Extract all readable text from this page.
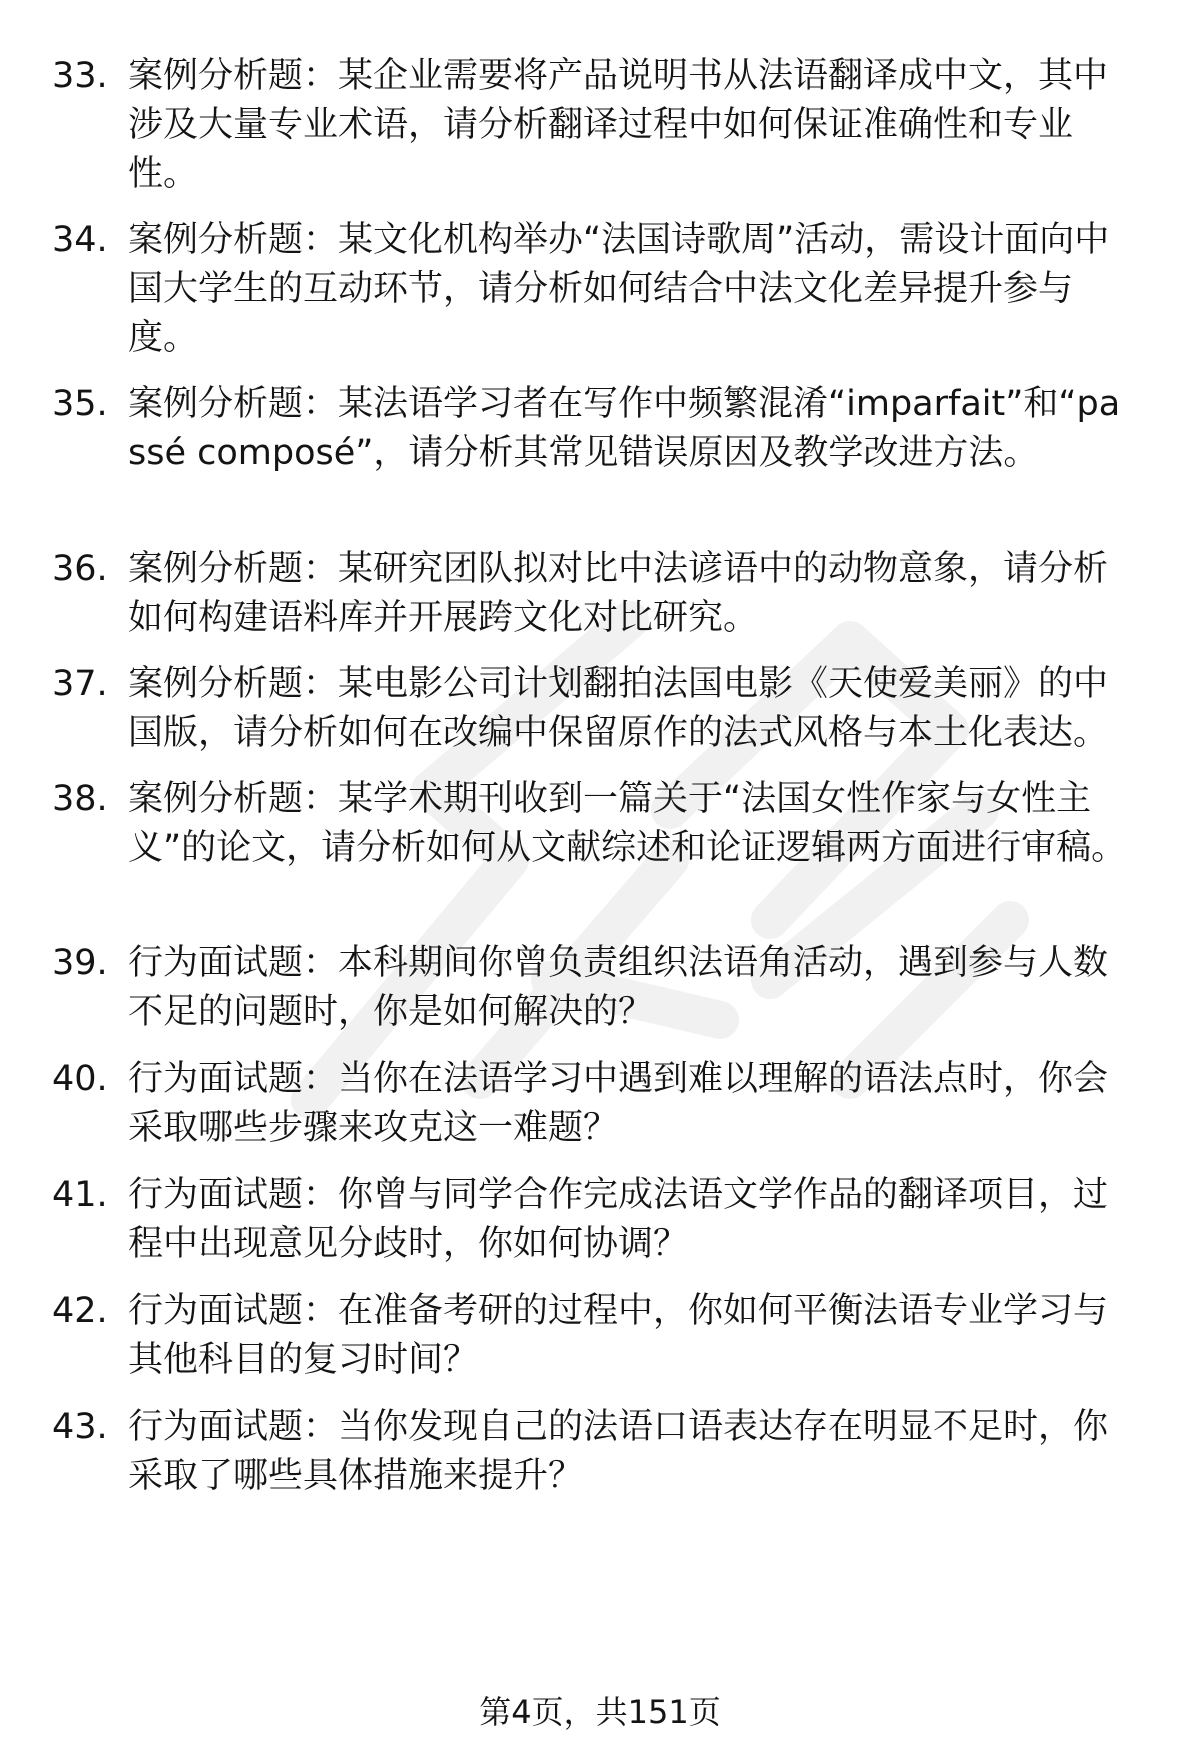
33. 案例分析题：某企业需要将产品说明书从法语翻译成中文，其中涉及大量专业术语，请分析翻译过程中如何保证准确性和专业性。
34. 案例分析题：某文化机构举办“法国诗歌周”活动，需设计面向中国大学生的互动环节，请分析如何结合中法文化差异提升参与度。
35. 案例分析题：某法语学习者在写作中频繁混淆“imparfait”和“passé composé”，请分析其常见错误原因及教学改进方法。
36. 案例分析题：某研究团队拟对比中法谚语中的动物意象，请分析如何构建语料库并开展跨文化对比研究。
37. 案例分析题：某电影公司计划翻拍法国电影《天使爱美丽》的中国版，请分析如何在改编中保留原作的法式风格与本土化表达。
38. 案例分析题：某学术期刊收到一篇关于“法国女性作家与女性主义”的论文，请分析如何从文献综述和论证逻辑两方面进行审稿。
39. 行为面试题：本科期间你曾负责组织法语角活动，遇到参与人数不足的问题时，你是如何解决的？
40. 行为面试题：当你在法语学习中遇到难以理解的语法点时，你会采取哪些步骤来攻克这一难题？
41. 行为面试题：你曾与同学合作完成法语文学作品的翻译项目，过程中出现意见分歧时，你如何协调？
42. 行为面试题：在准备考研的过程中，你如何平衡法语专业学习与其他科目的复习时间？
43. 行为面试题：当你发现自己的法语口语表达存在明显不足时，你采取了哪些具体措施来提升？
第4页，共151页
